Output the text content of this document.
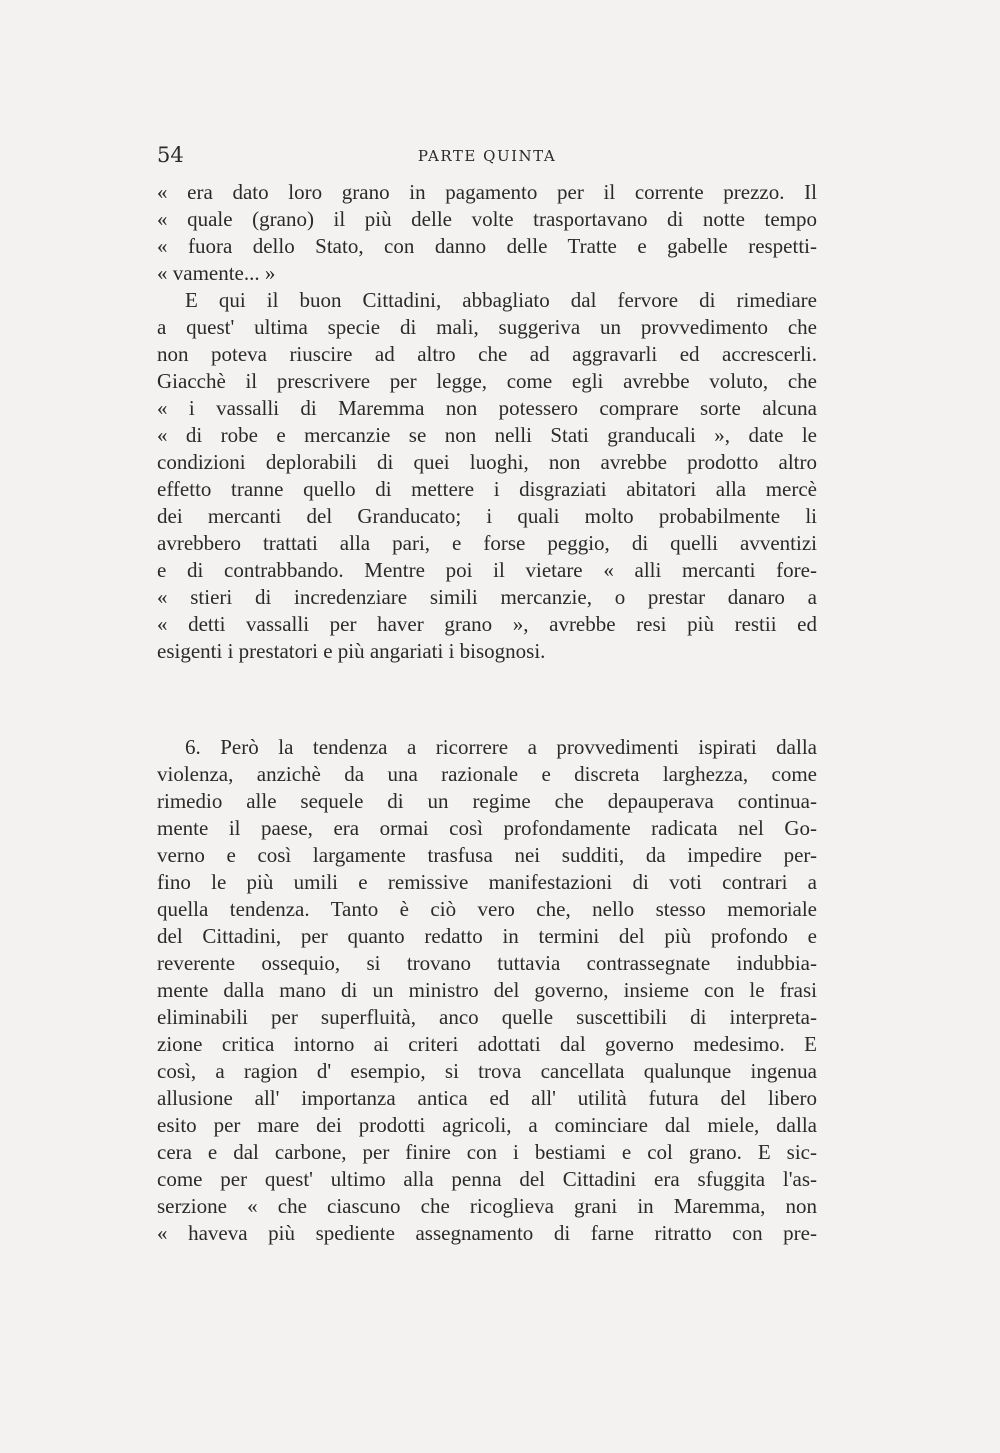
54	PARTE QUINTA
« era dato loro grano in pagamento per il corrente prezzo. Il
« quale (grano) il più delle volte trasportavano di notte tempo
« fuora dello Stato, con danno delle Tratte e gabelle respetti-
« vamente... »
E qui il buon Cittadini, abbagliato dal fervore di rimediare
a quest' ultima specie di mali, suggeriva un provvedimento che
non poteva riuscire ad altro che ad aggravarli ed accrescerli.
Giacchè il prescrivere per legge, come egli avrebbe voluto, che
« i vassalli di Maremma non potessero comprare sorte alcuna
« di robe e mercanzie se non nelli Stati granducali », date le
condizioni deplorabili di quei luoghi, non avrebbe prodotto altro
effetto tranne quello di mettere i disgraziati abitatori alla mercè
dei mercanti del Granducato; i quali molto probabilmente li
avrebbero trattati alla pari, e forse peggio, di quelli avventizi
e di contrabbando. Mentre poi il vietare « alli mercanti fore-
« stieri di incredenziare simili mercanzie, o prestar danaro a
« detti vassalli per haver grano », avrebbe resi più restii ed
esigenti i prestatori e più angariati i bisognosi.
6. Però la tendenza a ricorrere a provvedimenti ispirati dalla
violenza, anzichè da una razionale e discreta larghezza, come
rimedio alle sequele di un regime che depauperava continua-
mente il paese, era ormai così profondamente radicata nel Go-
verno e così largamente trasfusa nei sudditi, da impedire per-
fino le più umili e remissive manifestazioni di voti contrari a
quella tendenza. Tanto è ciò vero che, nello stesso memoriale
del Cittadini, per quanto redatto in termini del più profondo e
reverente ossequio, si trovano tuttavia contrassegnate indubbia-
mente dalla mano di un ministro del governo, insieme con le frasi
eliminabili per superfluità, anco quelle suscettibili di interpreta-
zione critica intorno ai criteri adottati dal governo medesimo. E
così, a ragion d' esempio, si trova cancellata qualunque ingenua
allusione all' importanza antica ed all' utilità futura del libero
esito per mare dei prodotti agricoli, a cominciare dal miele, dalla
cera e dal carbone, per finire con i bestiami e col grano. E sic-
come per quest' ultimo alla penna del Cittadini era sfuggita l'as-
serzione « che ciascuno che ricoglieva grani in Maremma, non
« haveva più spediente assegnamento di farne ritratto con pre-
